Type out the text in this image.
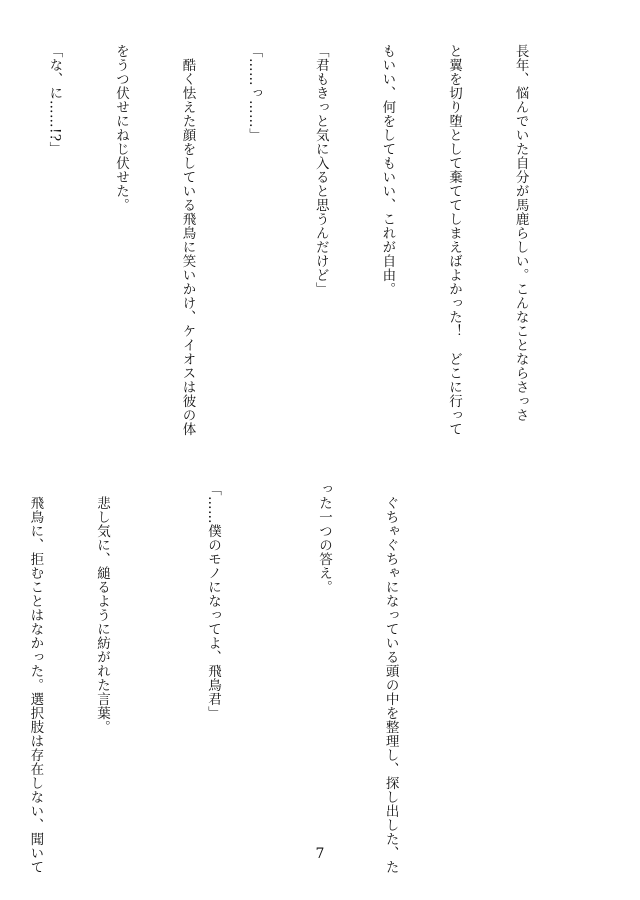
長年、悩んでいた自分が馬鹿らしい。こんなことならさっさ

と翼を切り堕として棄ててしまえばよかった！　どこに行って

もいい、何をしてもいい、これが自由。

「君もきっと気に入ると思うんだけど」

「……っ……」

　酷く怯えた顔をしている飛鳥に笑いかけ、ケイオスは彼の体

をうつ伏せにねじ伏せた。

「な、に……!?」

　ぐちゃぐちゃになっている頭の中を整理し、探し出した、た

った一つの答え。

「……僕のモノになってよ、飛鳥君」

　悲し気に、縋るように紡がれた言葉。

　飛鳥に、拒むことはなかった。選択肢は存在しない、聞いて

	7
